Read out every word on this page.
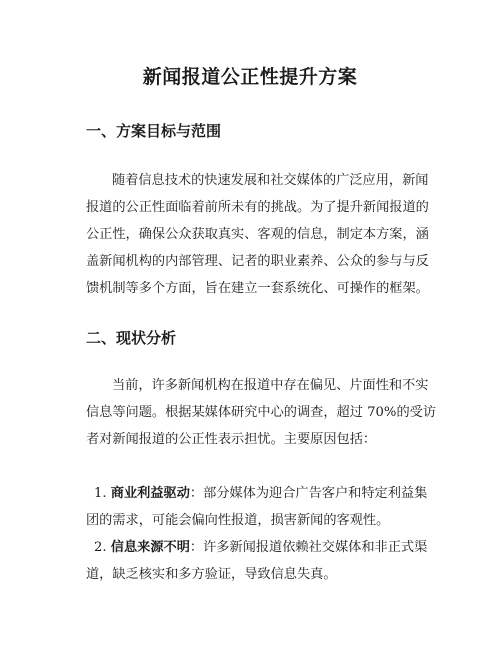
新闻报道公正性提升方案
一、方案目标与范围

随着信息技术的快速发展和社交媒体的广泛应用，新闻报道的公正性面临着前所未有的挑战。为了提升新闻报道的公正性，确保公众获取真实、客观的信息，制定本方案，涵盖新闻机构的内部管理、记者的职业素养、公众的参与与反馈机制等多个方面，旨在建立一套系统化、可操作的框架。

二、现状分析

当前，许多新闻机构在报道中存在偏见、片面性和不实信息等问题。根据某媒体研究中心的调查，超过 70%的受访者对新闻报道的公正性表示担忧。主要原因包括：

1. 商业利益驱动：部分媒体为迎合广告客户和特定利益集团的需求，可能会偏向性报道，损害新闻的客观性。

2. 信息来源不明：许多新闻报道依赖社交媒体和非正式渠道，缺乏核实和多方验证，导致信息失真。
